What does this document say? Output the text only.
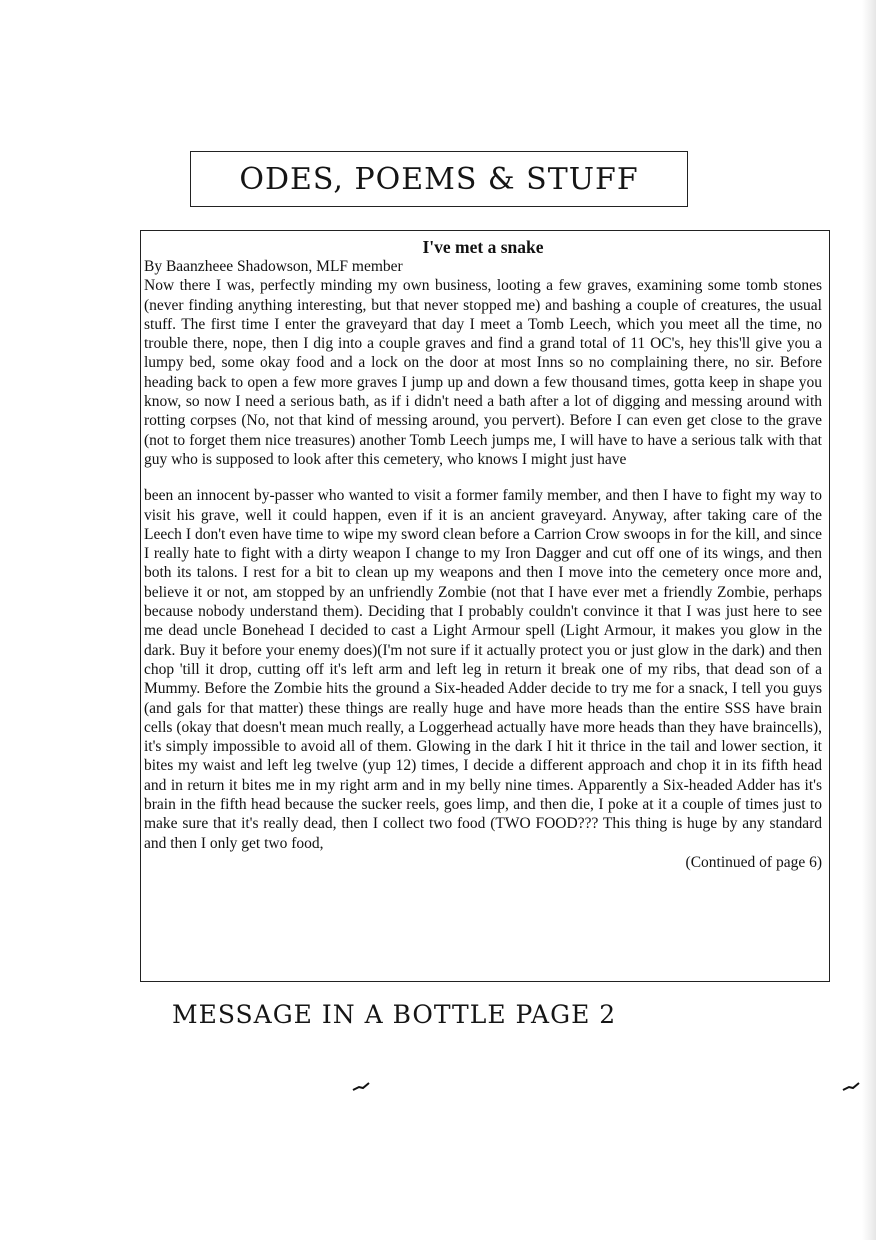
ODES, POEMS & STUFF

I've met a snake

By Baanzheee Shadowson, MLF member

Now there I was, perfectly minding my own business, looting a few graves, examining some tomb stones (never finding anything interesting, but that never stopped me) and bashing a couple of creatures, the usual stuff. The first time I enter the graveyard that day I meet a Tomb Leech, which you meet all the time, no trouble there, nope, then I dig into a couple graves and find a grand total of 11 OC's, hey this'll give you a lumpy bed, some okay food and a lock on the door at most Inns so no complaining there, no sir. Before heading back to open a few more graves I jump up and down a few thousand times, gotta keep in shape you know, so now I need a serious bath, as if i didn't need a bath after a lot of digging and messing around with rotting corpses (No, not that kind of messing around, you pervert). Before I can even get close to the grave (not to forget them nice treasures) another Tomb Leech jumps me, I will have to have a serious talk with that guy who is supposed to look after this cemetery, who knows I might just have

been an innocent by-passer who wanted to visit a former family member, and then I have to fight my way to visit his grave, well it could happen, even if it is an ancient graveyard. Anyway, after taking care of the Leech I don't even have time to wipe my sword clean before a Carrion Crow swoops in for the kill, and since I really hate to fight with a dirty weapon I change to my Iron Dagger and cut off one of its wings, and then both its talons. I rest for a bit to clean up my weapons and then I move into the cemetery once more and, believe it or not, am stopped by an unfriendly Zombie (not that I have ever met a friendly Zombie, perhaps because nobody understand them). Deciding that I probably couldn't convince it that I was just here to see me dead uncle Bonehead I decided to cast a Light Armour spell (Light Armour, it makes you glow in the dark. Buy it before your enemy does)(I'm not sure if it actually protect you or just glow in the dark) and then chop 'till it drop, cutting off it's left arm and left leg in return it break one of my ribs, that dead son of a Mummy. Before the Zombie hits the ground a Six-headed Adder decide to try me for a snack, I tell you guys (and gals for that matter) these things are really huge and have more heads than the entire SSS have brain cells (okay that doesn't mean much really, a Loggerhead actually have more heads than they have braincells), it's simply impossible to avoid all of them. Glowing in the dark I hit it thrice in the tail and lower section, it bites my waist and left leg twelve (yup 12) times, I decide a different approach and chop it in its fifth head and in return it bites me in my right arm and in my belly nine times. Apparently a Six-headed Adder has it's brain in the fifth head because the sucker reels, goes limp, and then die, I poke at it a couple of times just to make sure that it's really dead, then I collect two food (TWO FOOD??? This thing is huge by any standard and then I only get two food,

(Continued of page 6)

MESSAGE IN A BOTTLE PAGE 2
